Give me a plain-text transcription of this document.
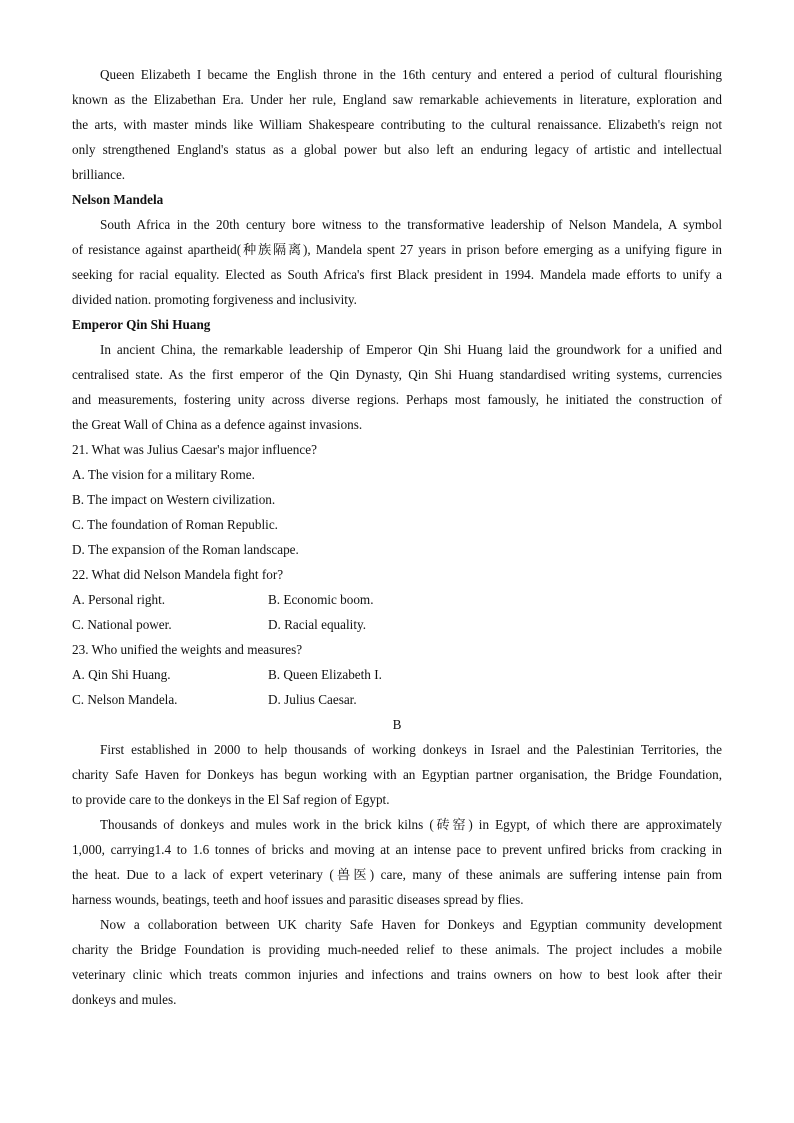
Queen Elizabeth I became the English throne in the 16th century and entered a period of cultural flourishing
known as the Elizabethan Era. Under her rule, England saw remarkable achievements in literature, exploration and
the arts, with master minds like William Shakespeare contributing to the cultural renaissance. Elizabeth's reign not
only strengthened England's status as a global power but also left an enduring legacy of artistic and intellectual
brilliance.
Nelson Mandela
South Africa in the 20th century bore witness to the transformative leadership of Nelson Mandela, A symbol
of resistance against apartheid(种族隔离), Mandela spent 27 years in prison before emerging as a unifying figure in
seeking for racial equality. Elected as South Africa's first Black president in 1994. Mandela made efforts to unify a
divided nation. promoting forgiveness and inclusivity.
Emperor Qin Shi Huang
In ancient China, the remarkable leadership of Emperor Qin Shi Huang laid the groundwork for a unified and
centralised state. As the first emperor of the Qin Dynasty, Qin Shi Huang standardised writing systems, currencies
and measurements, fostering unity across diverse regions. Perhaps most famously, he initiated the construction of
the Great Wall of China as a defence against invasions.
21. What was Julius Caesar's major influence?
A. The vision for a military Rome.
B. The impact on Western civilization.
C. The foundation of Roman Republic.
D. The expansion of the Roman landscape.
22. What did Nelson Mandela fight for?
A. Personal right.	B. Economic boom.
C. National power.	D. Racial equality.
23. Who unified the weights and measures?
A. Qin Shi Huang.	B. Queen Elizabeth I.
C. Nelson Mandela.	D. Julius Caesar.
B
First established in 2000 to help thousands of working donkeys in Israel and the Palestinian Territories, the
charity Safe Haven for Donkeys has begun working with an Egyptian partner organisation, the Bridge Foundation,
to provide care to the donkeys in the El Saf region of Egypt.
Thousands of donkeys and mules work in the brick kilns (砖窑) in Egypt, of which there are approximately
1,000, carrying1.4 to 1.6 tonnes of bricks and moving at an intense pace to prevent unfired bricks from cracking in
the heat. Due to a lack of expert veterinary (兽医) care, many of these animals are suffering intense pain from
harness wounds, beatings, teeth and hoof issues and parasitic diseases spread by flies.
Now a collaboration between UK charity Safe Haven for Donkeys and Egyptian community development
charity the Bridge Foundation is providing much-needed relief to these animals. The project includes a mobile
veterinary clinic which treats common injuries and infections and trains owners on how to best look after their
donkeys and mules.
